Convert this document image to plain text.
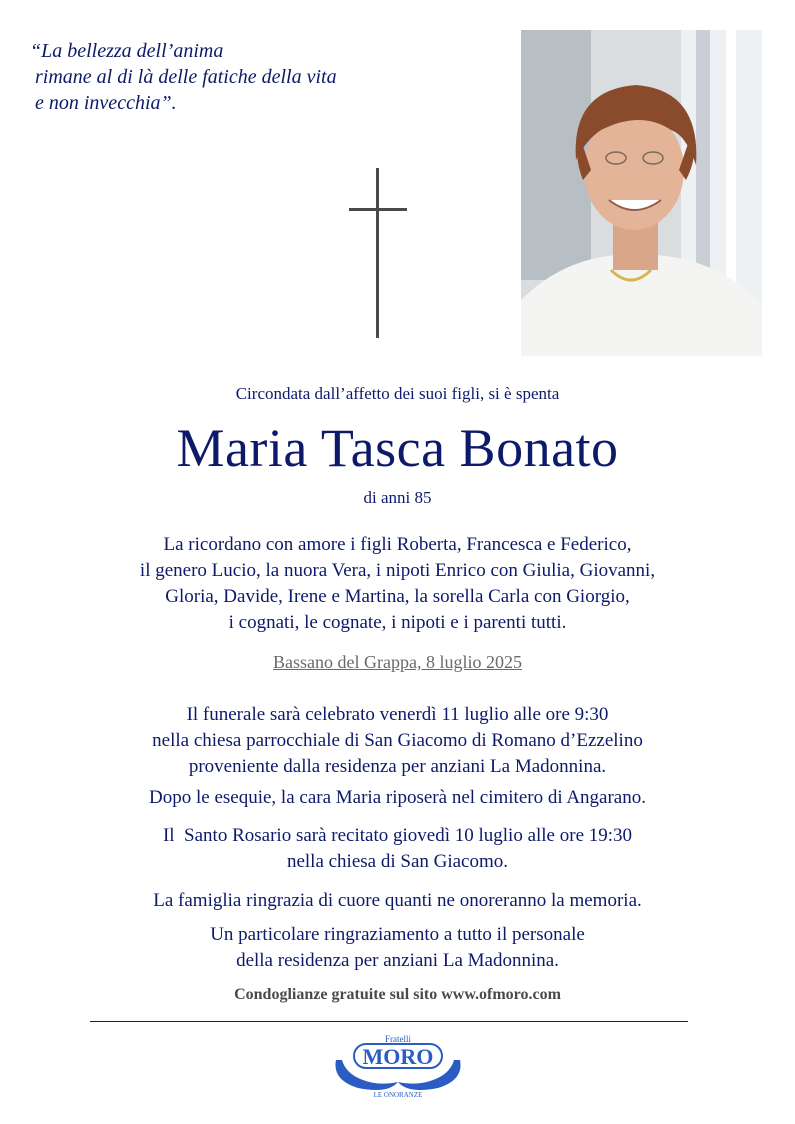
“La bellezza dell’anima
rimane al di là delle fatiche della vita
e non invecchia”.
Circondata dall’affetto dei suoi figli, si è spenta
Maria Tasca Bonato
di anni 85
La ricordano con amore i figli Roberta, Francesca e Federico,
il genero Lucio, la nuora Vera, i nipoti Enrico con Giulia, Giovanni,
Gloria, Davide, Irene e Martina, la sorella Carla con Giorgio,
i cognati, le cognate, i nipoti e i parenti tutti.
Bassano del Grappa, 8 luglio 2025
Il funerale sarà celebrato venerdì 11 luglio alle ore 9:30
nella chiesa parrocchiale di San Giacomo di Romano d’Ezzelino
proveniente dalla residenza per anziani La Madonnina.
Dopo le esequie, la cara Maria riposerà nel cimitero di Angarano.
Il  Santo Rosario sarà recitato giovedì 10 luglio alle ore 19:30
nella chiesa di San Giacomo.
La famiglia ringrazia di cuore quanti ne onoreranno la memoria.
Un particolare ringraziamento a tutto il personale
della residenza per anziani La Madonnina.
Condoglianze gratuite sul sito www.ofmoro.com
Fratelli
MORO
LE ONORANZE
